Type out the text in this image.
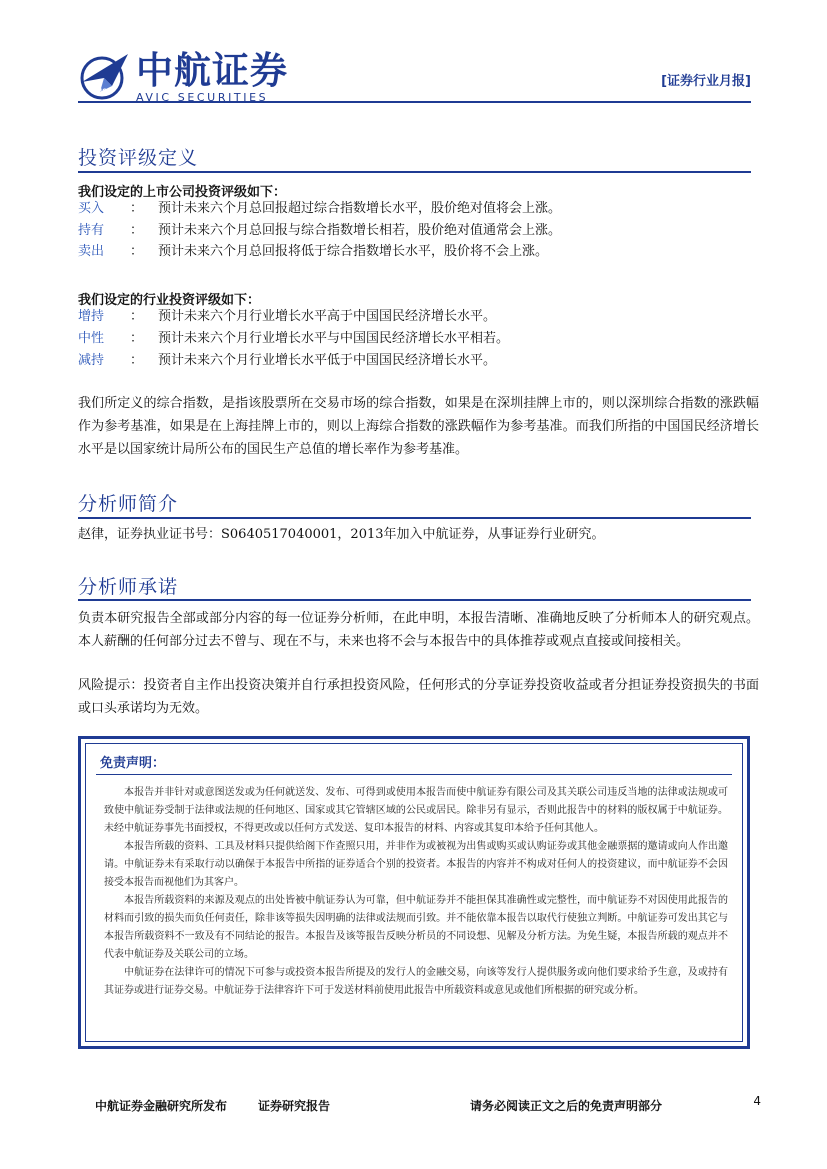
AVIC 中航证券
AVIC SECURITIES
[证券行业月报]
投资评级定义
我们设定的上市公司投资评级如下：
买入	： 预计未来六个月总回报超过综合指数增长水平，股价绝对值将会上涨。
持有	： 预计未来六个月总回报与综合指数增长相若，股价绝对值通常会上涨。
卖出	： 预计未来六个月总回报将低于综合指数增长水平，股价将不会上涨。
我们设定的行业投资评级如下：
增持	： 预计未来六个月行业增长水平高于中国国民经济增长水平。
中性	： 预计未来六个月行业增长水平与中国国民经济增长水平相若。
减持	： 预计未来六个月行业增长水平低于中国国民经济增长水平。
我们所定义的综合指数，是指该股票所在交易市场的综合指数，如果是在深圳挂牌上市的，则以深圳综合指数的涨跌幅作为参考基准，如果是在上海挂牌上市的，则以上海综合指数的涨跌幅作为参考基准。而我们所指的中国国民经济增长水平是以国家统计局所公布的国民生产总值的增长率作为参考基准。
分析师简介
赵律，证券执业证书号：S0640517040001，2013年加入中航证券，从事证券行业研究。
分析师承诺
负责本研究报告全部或部分内容的每一位证券分析师，在此申明，本报告清晰、准确地反映了分析师本人的研究观点。本人薪酬的任何部分过去不曾与、现在不与，未来也将不会与本报告中的具体推荐或观点直接或间接相关。
风险提示：投资者自主作出投资决策并自行承担投资风险，任何形式的分享证券投资收益或者分担证券投资损失的书面或口头承诺均为无效。
免责声明：

本报告并非针对或意图送发或为任何就送发、发布、可得到或使用本报告而使中航证券有限公司及其关联公司违反当地的法律或法规或可致使中航证券受制于法律或法规的任何地区、国家或其它管辖区域的公民或居民。除非另有显示，否则此报告中的材料的版权属于中航证券。未经中航证券事先书面授权，不得更改或以任何方式发送、复印本报告的材料、内容或其复印本给予任何其他人。

本报告所载的资料、工具及材料只提供给阁下作查照只用，并非作为或被视为出售或购买或认购证券或其他金融票据的邀请或向人作出邀请。中航证券未有采取行动以确保于本报告中所指的证券适合个别的投资者。本报告的内容并不构成对任何人的投资建议，而中航证券不会因接受本报告而视他们为其客户。

本报告所载资料的来源及观点的出处皆被中航证券认为可靠，但中航证券并不能担保其准确性或完整性，而中航证券不对因使用此报告的材料而引致的损失而负任何责任，除非该等损失因明确的法律或法规而引致。并不能依靠本报告以取代行使独立判断。中航证券可发出其它与本报告所载资料不一致及有不同结论的报告。本报告及该等报告反映分析员的不同设想、见解及分析方法。为免生疑，本报告所载的观点并不代表中航证券及关联公司的立场。

中航证券在法律许可的情况下可参与或投资本报告所提及的发行人的金融交易，向该等发行人提供服务或向他们要求给予生意，及或持有其证券或进行证券交易。中航证券于法律容许下可于发送材料前使用此报告中所载资料或意见或他们所根据的研究或分析。

中航证券金融研究所发布	证券研究报告	请务必阅读正文之后的免责声明部分	4
